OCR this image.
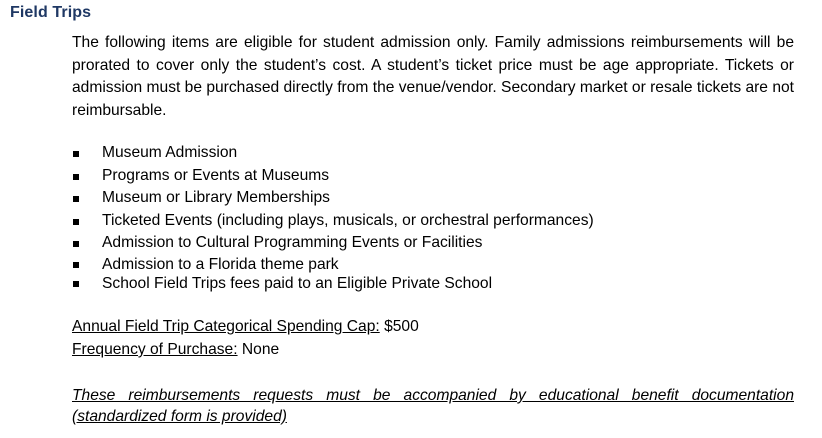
Field Trips
The following items are eligible for student admission only. Family admissions reimbursements will be prorated to cover only the student’s cost. A student’s ticket price must be age appropriate. Tickets or admission must be purchased directly from the venue/vendor. Secondary market or resale tickets are not reimbursable.
Museum Admission
Programs or Events at Museums
Museum or Library Memberships
Ticketed Events (including plays, musicals, or orchestral performances)
Admission to Cultural Programming Events or Facilities
Admission to a Florida theme park
School Field Trips fees paid to an Eligible Private School
Annual Field Trip Categorical Spending Cap: $500
Frequency of Purchase: None
These reimbursements requests must be accompanied by educational benefit documentation (standardized form is provided)
